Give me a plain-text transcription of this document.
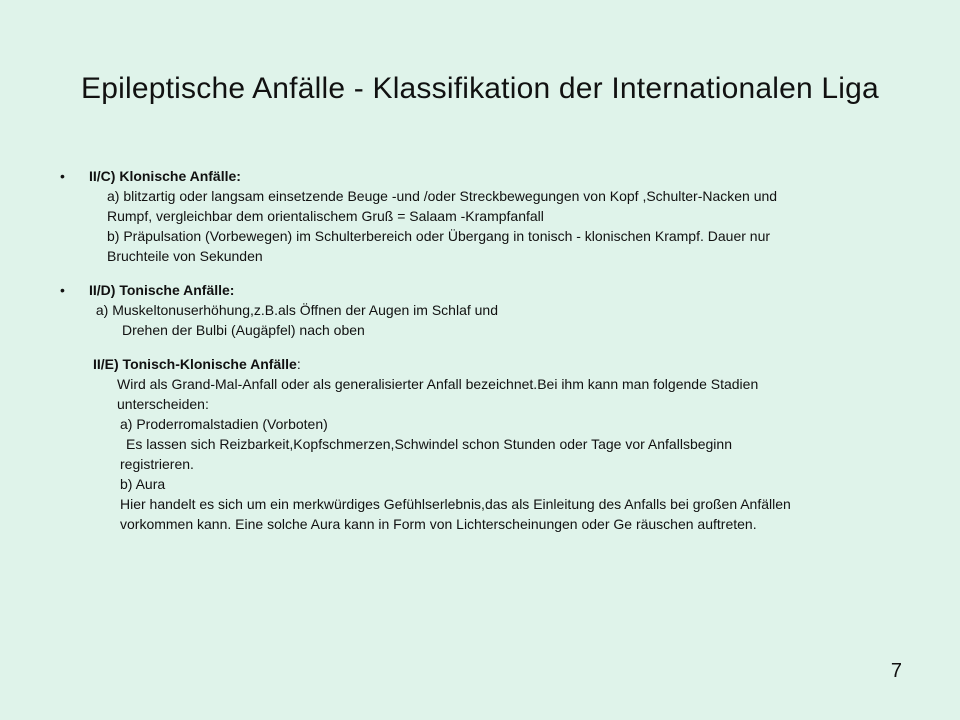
Epileptische Anfälle - Klassifikation der Internationalen Liga
• II/C) Klonische Anfälle:
a) blitzartig oder langsam einsetzende Beuge -und /oder Streckbewegungen von Kopf ,Schulter-Nacken und
Rumpf, vergleichbar dem orientalischem Gruß = Salaam -Krampfanfall
b) Präpulsation (Vorbewegen) im Schulterbereich oder Übergang in tonisch - klonischen Krampf. Dauer nur
Bruchteile von Sekunden
• II/D) Tonische Anfälle:
a) Muskeltonuserhöhung,z.B.als Öffnen der Augen im Schlaf und
Drehen der Bulbi (Augäpfel) nach oben
II/E) Tonisch-Klonische Anfälle:
Wird als Grand-Mal-Anfall oder als generalisierter Anfall bezeichnet.Bei ihm kann man folgende Stadien
unterscheiden:
a) Proderromalstadien (Vorboten)
Es lassen sich Reizbarkeit,Kopfschmerzen,Schwindel schon Stunden oder Tage vor Anfallsbeginn
registrieren.
b) Aura
Hier handelt es sich um ein merkwürdiges Gefühlserlebnis,das als Einleitung des Anfalls bei großen Anfällen
vorkommen kann. Eine solche Aura kann in Form von Lichterscheinungen oder Ge räuschen auftreten.
7
